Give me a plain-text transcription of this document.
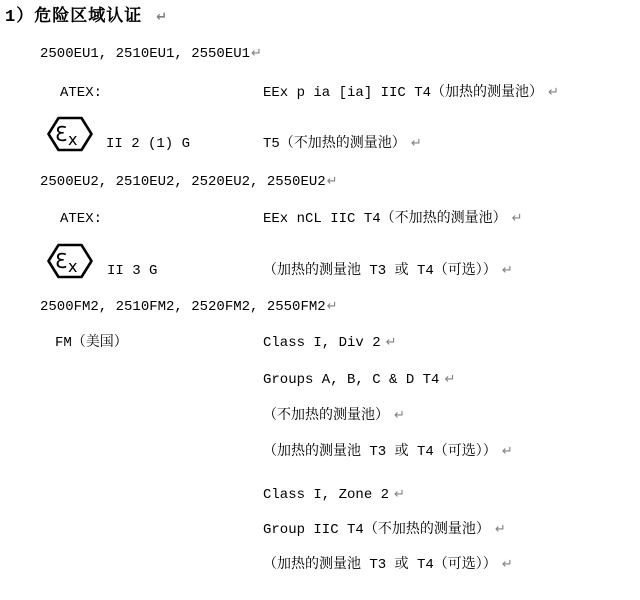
1）危险区域认证 ↵
2500EU1, 2510EU1, 2550EU1↵
ATEX:	EEx p ia [ia] IIC T4（加热的测量池） ↵
Ɛ x II 2 (1) G	T5（不加热的测量池） ↵
2500EU2, 2510EU2, 2520EU2, 2550EU2↵
ATEX:	EEx nCL IIC T4（不加热的测量池） ↵
Ɛ x II 3 G	（加热的测量池 T3 或 T4（可选）） ↵
2500FM2, 2510FM2, 2520FM2, 2550FM2↵
FM（美国）	Class I, Div 2 ↵
Groups A, B, C & D T4 ↵
（不加热的测量池） ↵
（加热的测量池 T3 或 T4（可选）） ↵
Class I, Zone 2 ↵
Group IIC T4（不加热的测量池） ↵
（加热的测量池 T3 或 T4（可选）） ↵
